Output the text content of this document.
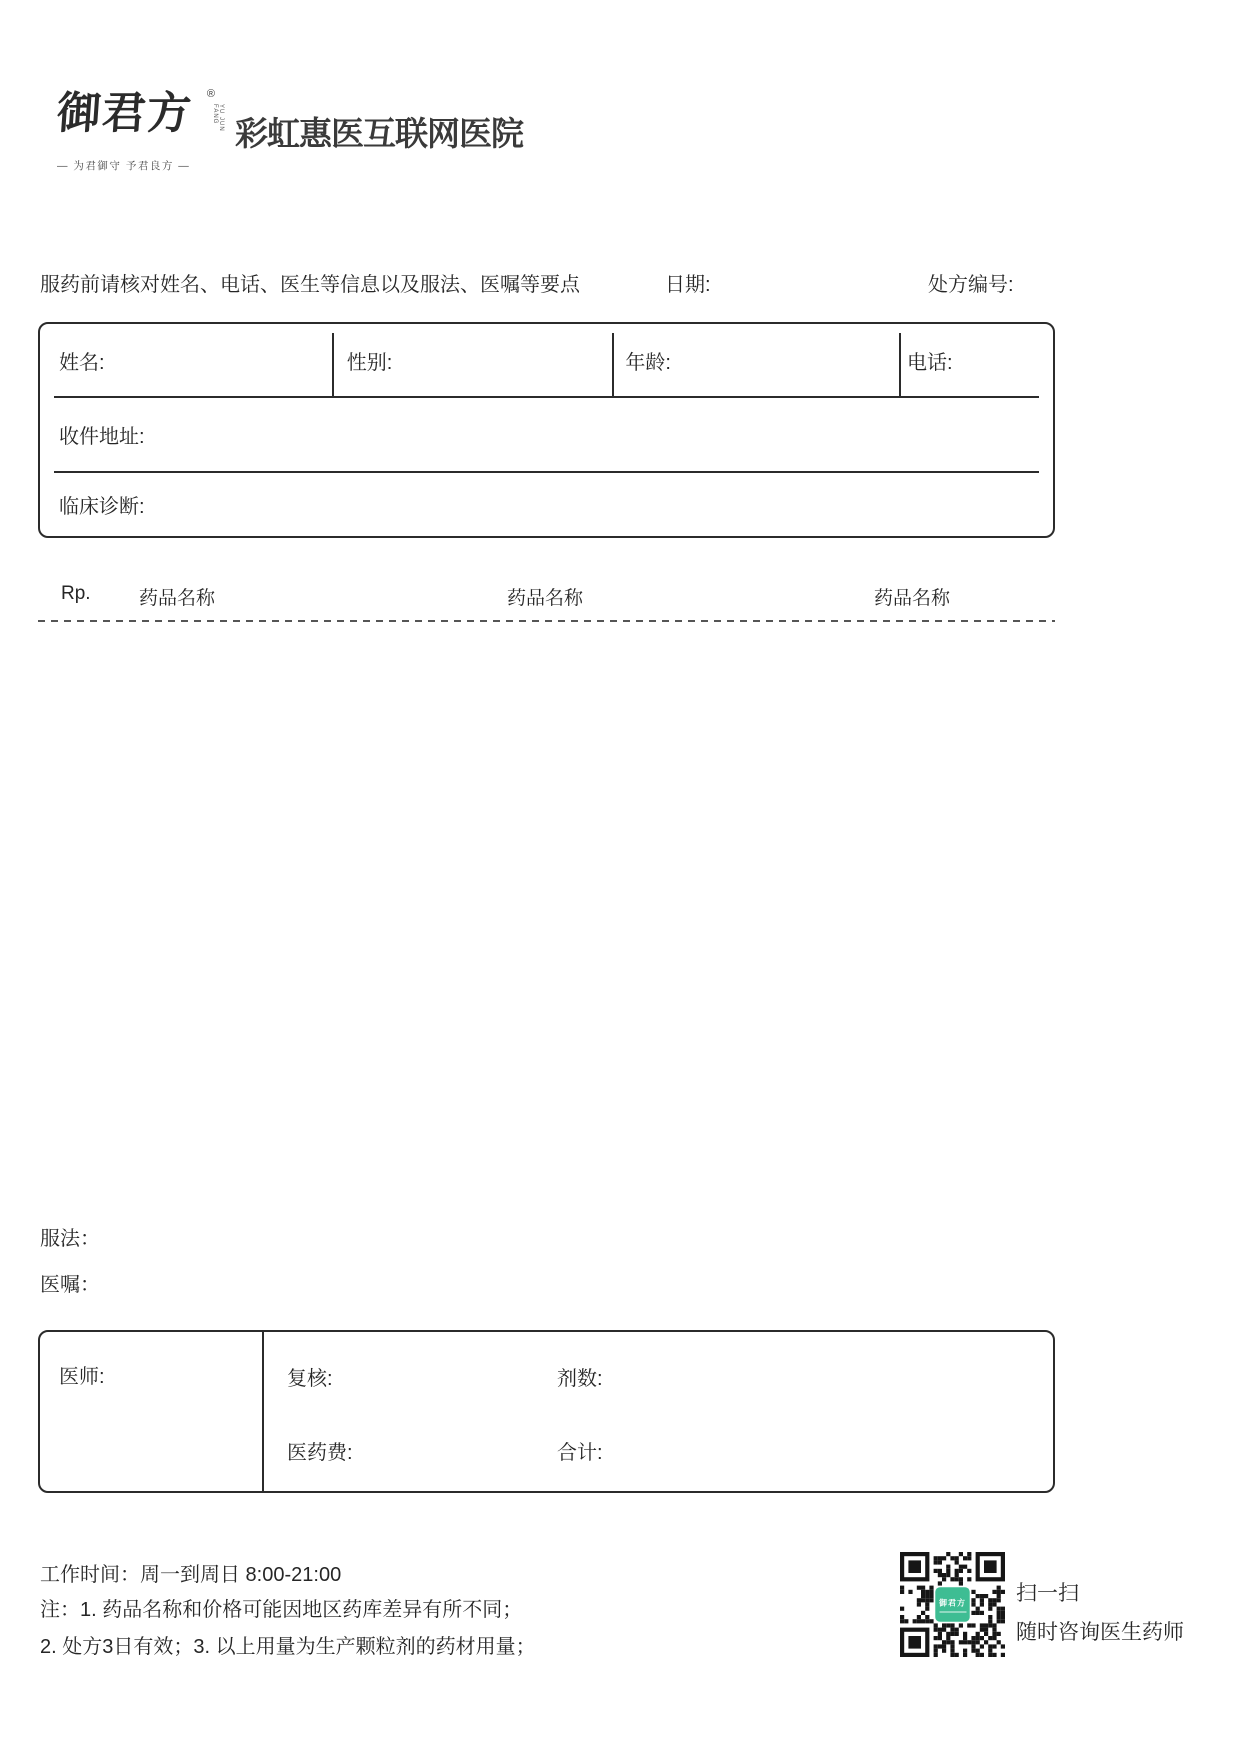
御君方 ®
YU JUN FANG
— 为君御守 予君良方 —
彩虹惠医互联网医院
服药前请核对姓名、电话、医生等信息以及服法、医嘱等要点	日期:	处方编号:
姓名:	性别:	年龄:	电话:
收件地址:
临床诊断:
Rp.	药品名称	药品名称	药品名称
服法：
医嘱：
医师:	复核:	剂数:
医药费:	合计:
工作时间：周一到周日 8:00-21:00
注：1. 药品名称和价格可能因地区药库差异有所不同；
2. 处方3日有效；3. 以上用量为生产颗粒剂的药材用量；
御君方 扫一扫
随时咨询医生药师
